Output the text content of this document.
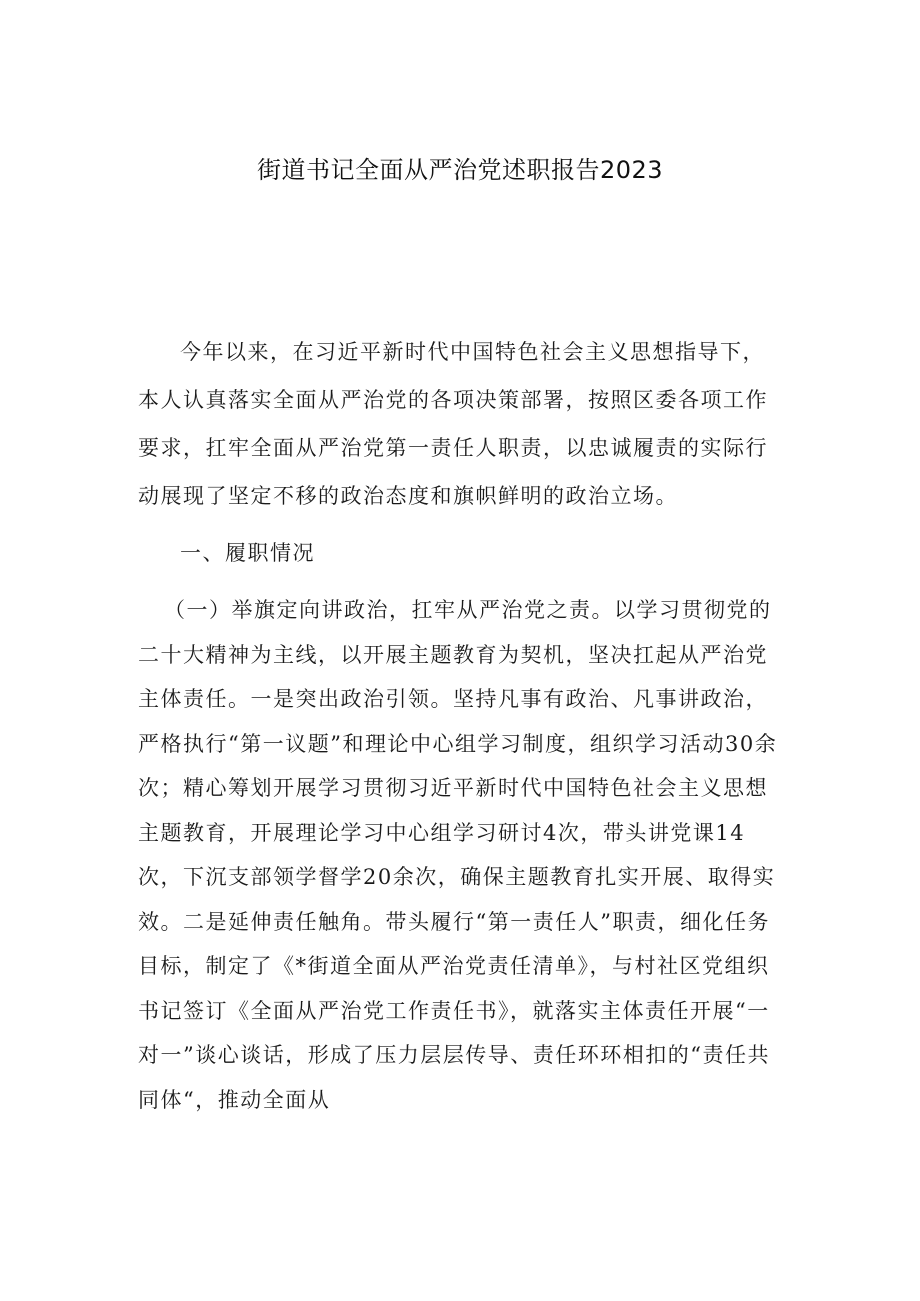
街道书记全面从严治党述职报告2023
今年以来，在习近平新时代中国特色社会主义思想指导下，本人认真落实全面从严治党的各项决策部署，按照区委各项工作要求，扛牢全面从严治党第一责任人职责，以忠诚履责的实际行动展现了坚定不移的政治态度和旗帜鲜明的政治立场。
一、履职情况
（一）举旗定向讲政治，扛牢从严治党之责。以学习贯彻党的二十大精神为主线，以开展主题教育为契机，坚决扛起从严治党主体责任。一是突出政治引领。坚持凡事有政治、凡事讲政治，严格执行“第一议题”和理论中心组学习制度，组织学习活动30余次；精心筹划开展学习贯彻习近平新时代中国特色社会主义思想主题教育，开展理论学习中心组学习研讨4次，带头讲党课14次，下沉支部领学督学20余次，确保主题教育扎实开展、取得实效。二是延伸责任触角。带头履行“第一责任人”职责，细化任务目标，制定了《*街道全面从严治党责任清单》，与村社区党组织书记签订《全面从严治党工作责任书》，就落实主体责任开展“一对一”谈心谈话，形成了压力层层传导、责任环环相扣的“责任共同体“，推动全面从
